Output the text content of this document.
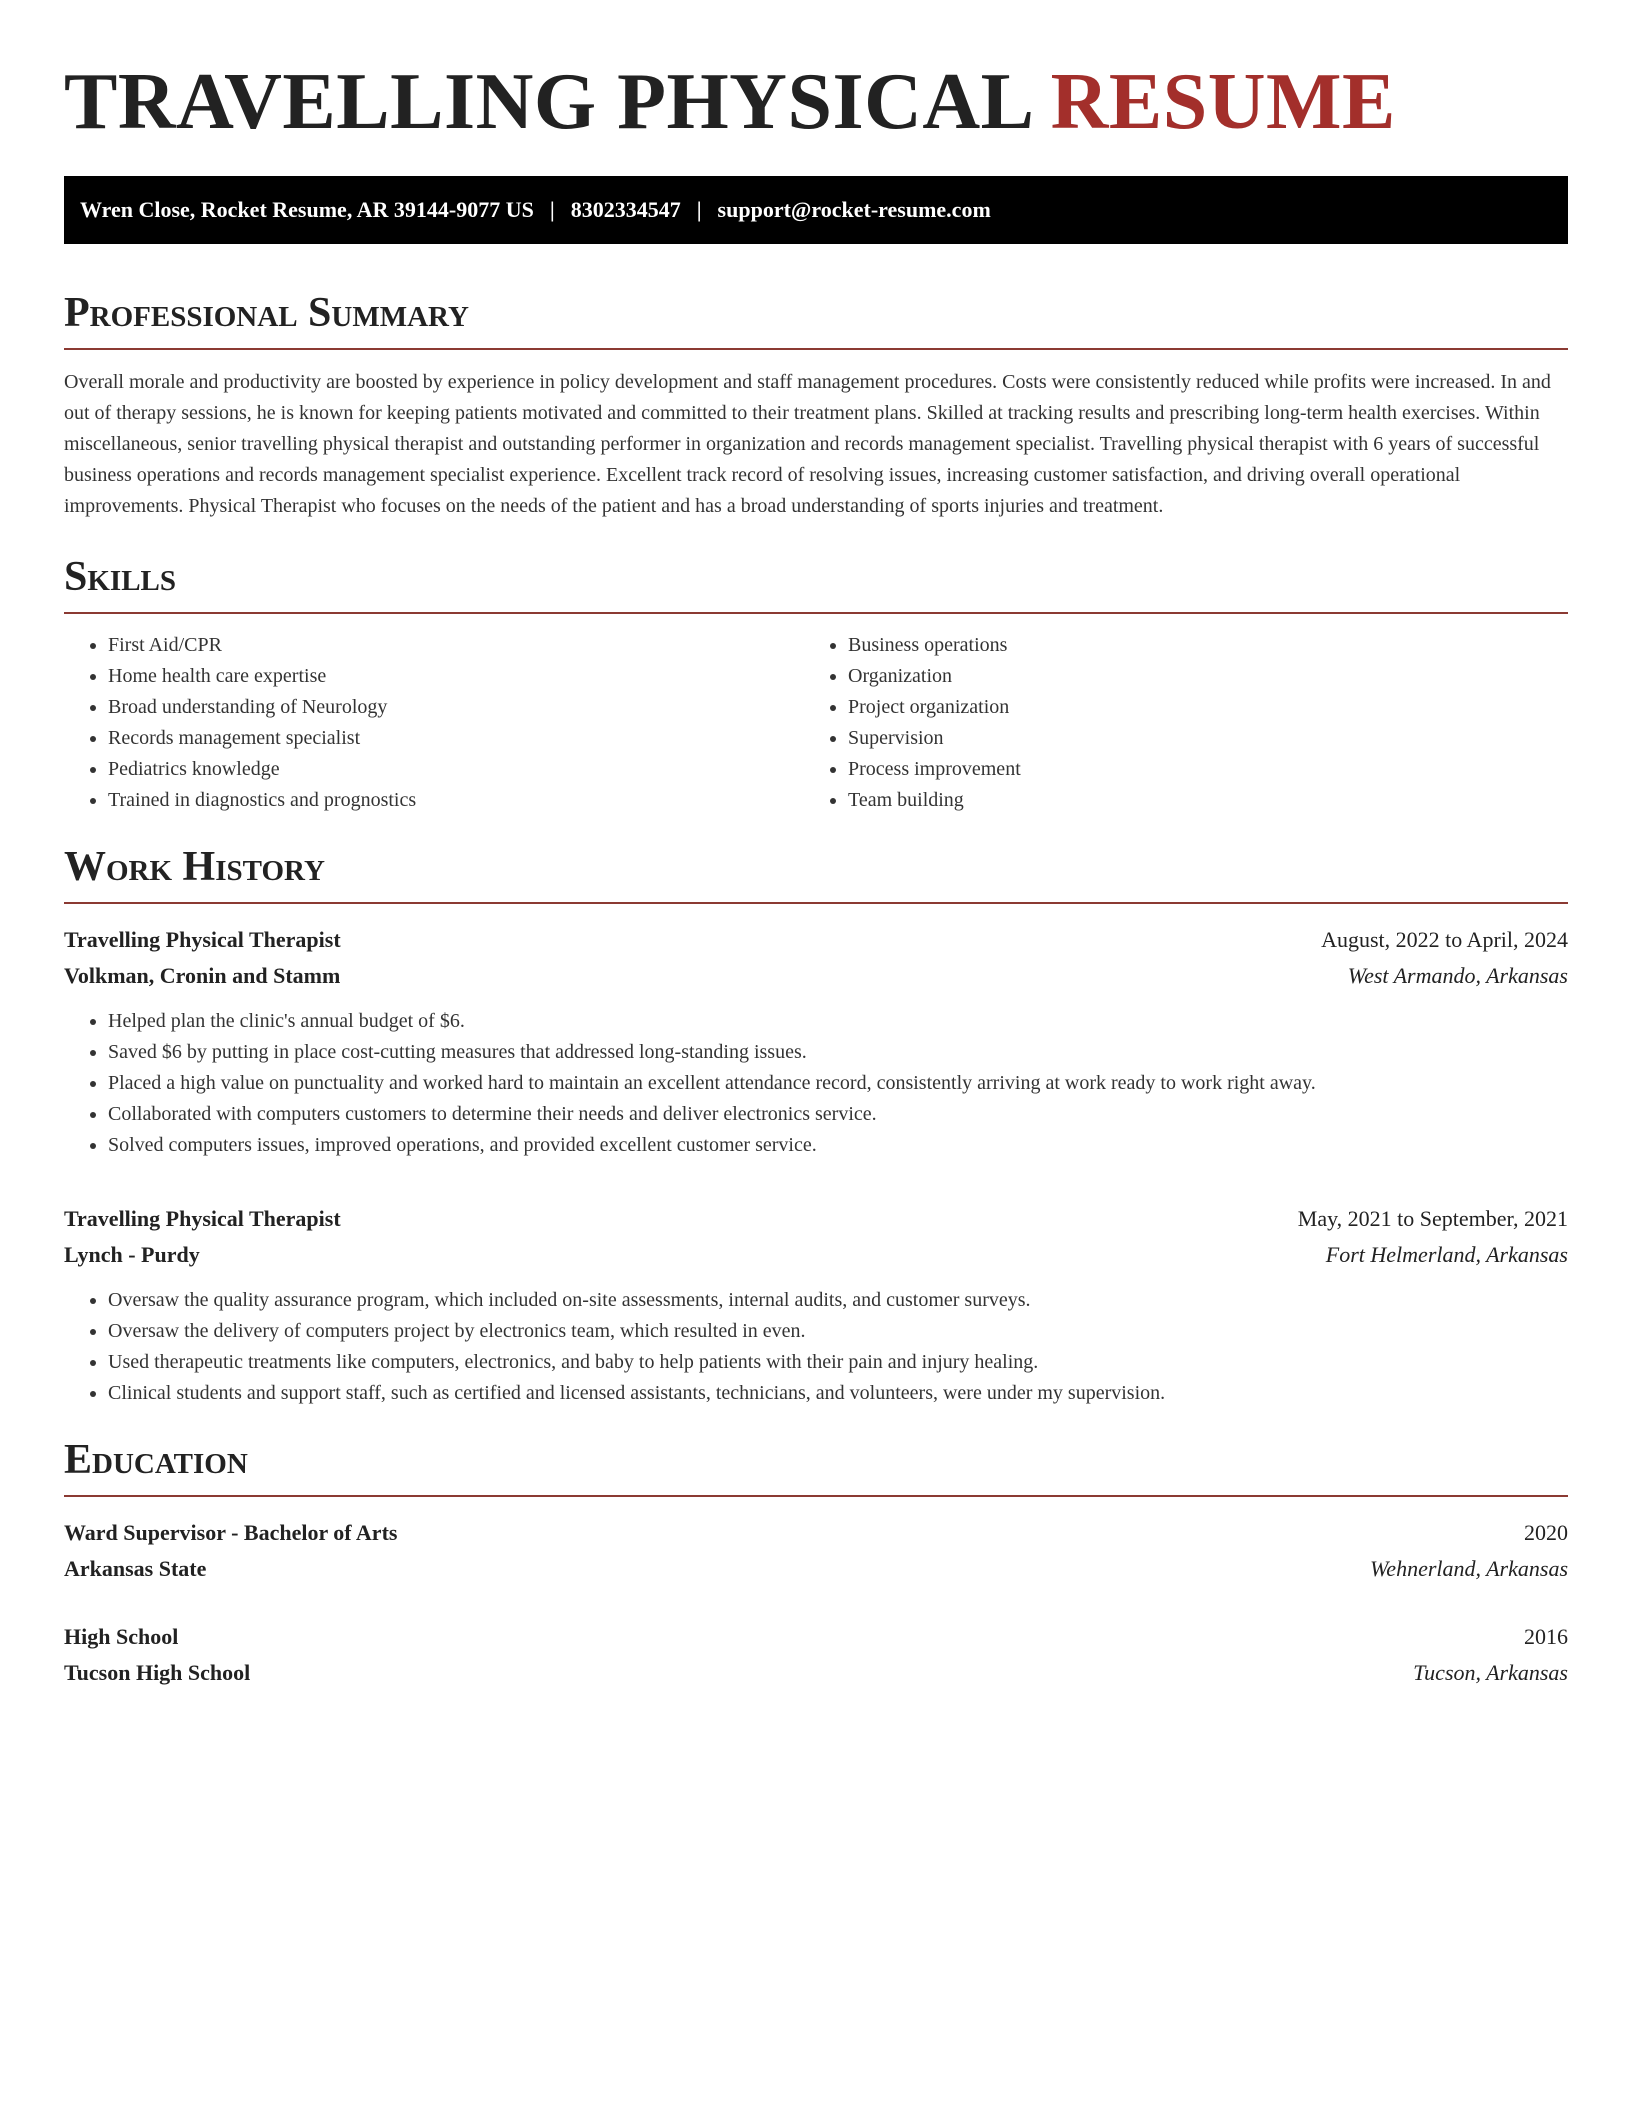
TRAVELLING PHYSICAL RESUME
Wren Close, Rocket Resume, AR 39144-9077 US | 8302334547 | support@rocket-resume.com
Professional Summary

Overall morale and productivity are boosted by experience in policy development and staff management procedures. Costs were consistently reduced while profits were increased. In and out of therapy sessions, he is known for keeping patients motivated and committed to their treatment plans. Skilled at tracking results and prescribing long-term health exercises. Within miscellaneous, senior travelling physical therapist and outstanding performer in organization and records management specialist. Travelling physical therapist with 6 years of successful business operations and records management specialist experience. Excellent track record of resolving issues, increasing customer satisfaction, and driving overall operational improvements. Physical Therapist who focuses on the needs of the patient and has a broad understanding of sports injuries and treatment.

Skills
• First Aid/CPR
• Home health care expertise
• Broad understanding of Neurology
• Records management specialist
• Pediatrics knowledge
• Trained in diagnostics and prognostics
• Business operations
• Organization
• Project organization
• Supervision
• Process improvement
• Team building
Work History
Travelling Physical Therapist	August, 2022 to April, 2024
Volkman, Cronin and Stamm	West Armando, Arkansas
• Helped plan the clinic's annual budget of $6.
• Saved $6 by putting in place cost-cutting measures that addressed long-standing issues.
• Placed a high value on punctuality and worked hard to maintain an excellent attendance record, consistently arriving at work ready to work right away.
• Collaborated with computers customers to determine their needs and deliver electronics service.
• Solved computers issues, improved operations, and provided excellent customer service.
Travelling Physical Therapist	May, 2021 to September, 2021
Lynch - Purdy	Fort Helmerland, Arkansas
• Oversaw the quality assurance program, which included on-site assessments, internal audits, and customer surveys.
• Oversaw the delivery of computers project by electronics team, which resulted in even.
• Used therapeutic treatments like computers, electronics, and baby to help patients with their pain and injury healing.
• Clinical students and support staff, such as certified and licensed assistants, technicians, and volunteers, were under my supervision.
Education
Ward Supervisor - Bachelor of Arts	2020
Arkansas State	Wehnerland, Arkansas
High School	2016
Tucson High School	Tucson, Arkansas
